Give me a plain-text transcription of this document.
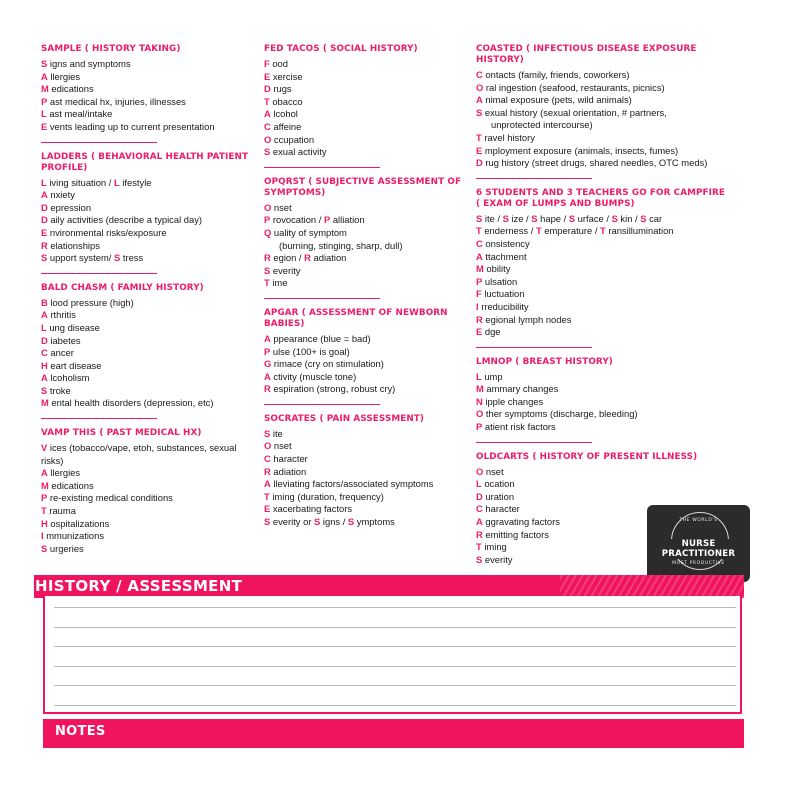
SAMPLE ( HISTORY TAKING)
S igns and symptoms
A llergies
M edications
P ast medical hx, injuries, illnesses
L ast meal/intake
E vents leading up to current presentation
LADDERS ( BEHAVIORAL HEALTH PATIENT PROFILE)
L iving situation / L ifestyle
A nxiety
D epression
D aily activities (describe a typical day)
E nvironmental risks/exposure
R elationships
S upport system/ S tress
BALD CHASM ( FAMILY HISTORY)
B lood pressure (high)
A rthritis
L ung disease
D iabetes
C ancer
H eart disease
A lcoholism
S troke
M ental health disorders (depression, etc)
VAMP THIS ( PAST MEDICAL HX)
V ices (tobacco/vape, etoh, substances, sexual risks)
A llergies
M edications
P re-existing medical conditions
T rauma
H ospitalizations
I mmunizations
S urgeries
FED TACOS ( SOCIAL HISTORY)
F ood
E xercise
D rugs
T obacco
A lcohol
C affeine
O ccupation
S exual activity
OPQRST ( SUBJECTIVE ASSESSMENT OF SYMPTOMS)
O nset
P rovocation / P alliation
Q uality of symptom
(burning, stinging, sharp, dull)
R egion / R adiation
S everity
T ime
APGAR ( ASSESSMENT OF NEWBORN BABIES)
A ppearance (blue = bad)
P ulse (100+ is goal)
G rimace (cry on stimulation)
A ctivity (muscle tone)
R espiration (strong, robust cry)
SOCRATES ( PAIN ASSESSMENT)
S ite
O nset
C haracter
R adiation
A lleviating factors/associated symptoms
T iming (duration, frequency)
E xacerbating factors
S everity or S igns / S ymptoms
COASTED ( INFECTIOUS DISEASE EXPOSURE HISTORY)
C ontacts (family, friends, coworkers)
O ral ingestion (seafood, restaurants, picnics)
A nimal exposure (pets, wild animals)
S exual history (sexual orientation, # partners,
unprotected intercourse)
T ravel history
E mployment exposure (animals, insects, fumes)
D rug history (street drugs, shared needles, OTC meds)
6 STUDENTS AND 3 TEACHERS GO FOR CAMPFIRE
( EXAM OF LUMPS AND BUMPS)
S ite / S ize / S hape / S urface / S kin / S car
T enderness / T emperature / T ransillumination
C onsistency
A ttachment
M obility
P ulsation
F luctuation
I rreducibility
R egional lymph nodes
E dge
LMNOP ( BREAST HISTORY)
L ump
M ammary changes
N ipple changes
O ther symptoms (discharge, bleeding)
P atient risk factors
OLDCARTS ( HISTORY OF PRESENT ILLNESS)
O nset
L ocation
D uration
C haracter
A ggravating factors
R emitting factors
T iming
S everity
THE WORLD'S
NURSE PRACTITIONER
MOST PRODUCTIVE
HISTORY / ASSESSMENT
NOTES
